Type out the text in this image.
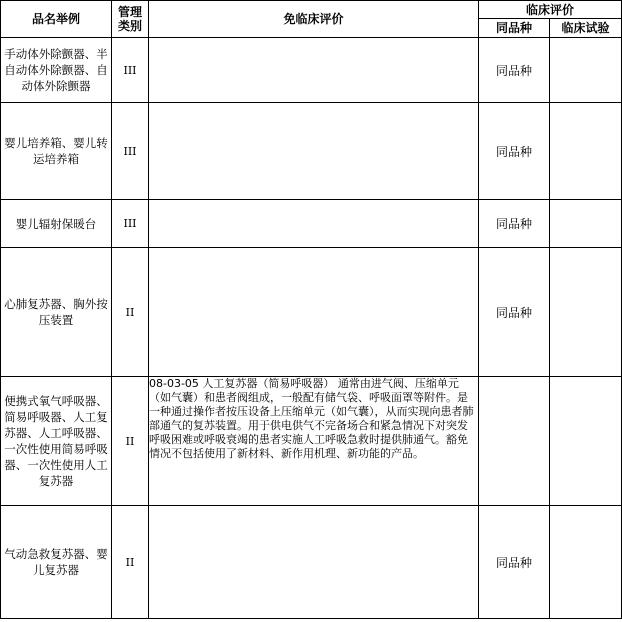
品名举例	管理类别	免临床评价	临床评价	
			同品种	临床试验
手动体外除颤器、半自动体外除颤器、自动体外除颤器	III		同品种	
婴儿培养箱、婴儿转运培养箱	III		同品种	
婴儿辐射保暖台	III		同品种	
心肺复苏器、胸外按压装置	II		同品种	
便携式氧气呼吸器、简易呼吸器、人工复苏器、人工呼吸器、一次性使用简易呼吸器、一次性使用人工复苏器	II	08-03-05 人工复苏器（简易呼吸器） 通常由进气阀、压缩单元（如气囊）和患者阀组成，一般配有储气袋、呼吸面罩等附件。是一种通过操作者按压设备上压缩单元（如气囊），从而实现向患者肺部通气的复苏装置。用于供电供气不完备场合和紧急情况下对突发呼吸困难或呼吸衰竭的患者实施人工呼吸急救时提供肺通气。豁免情况不包括使用了新材料、新作用机理、新功能的产品。		
气动急救复苏器、婴儿复苏器	II		同品种	
